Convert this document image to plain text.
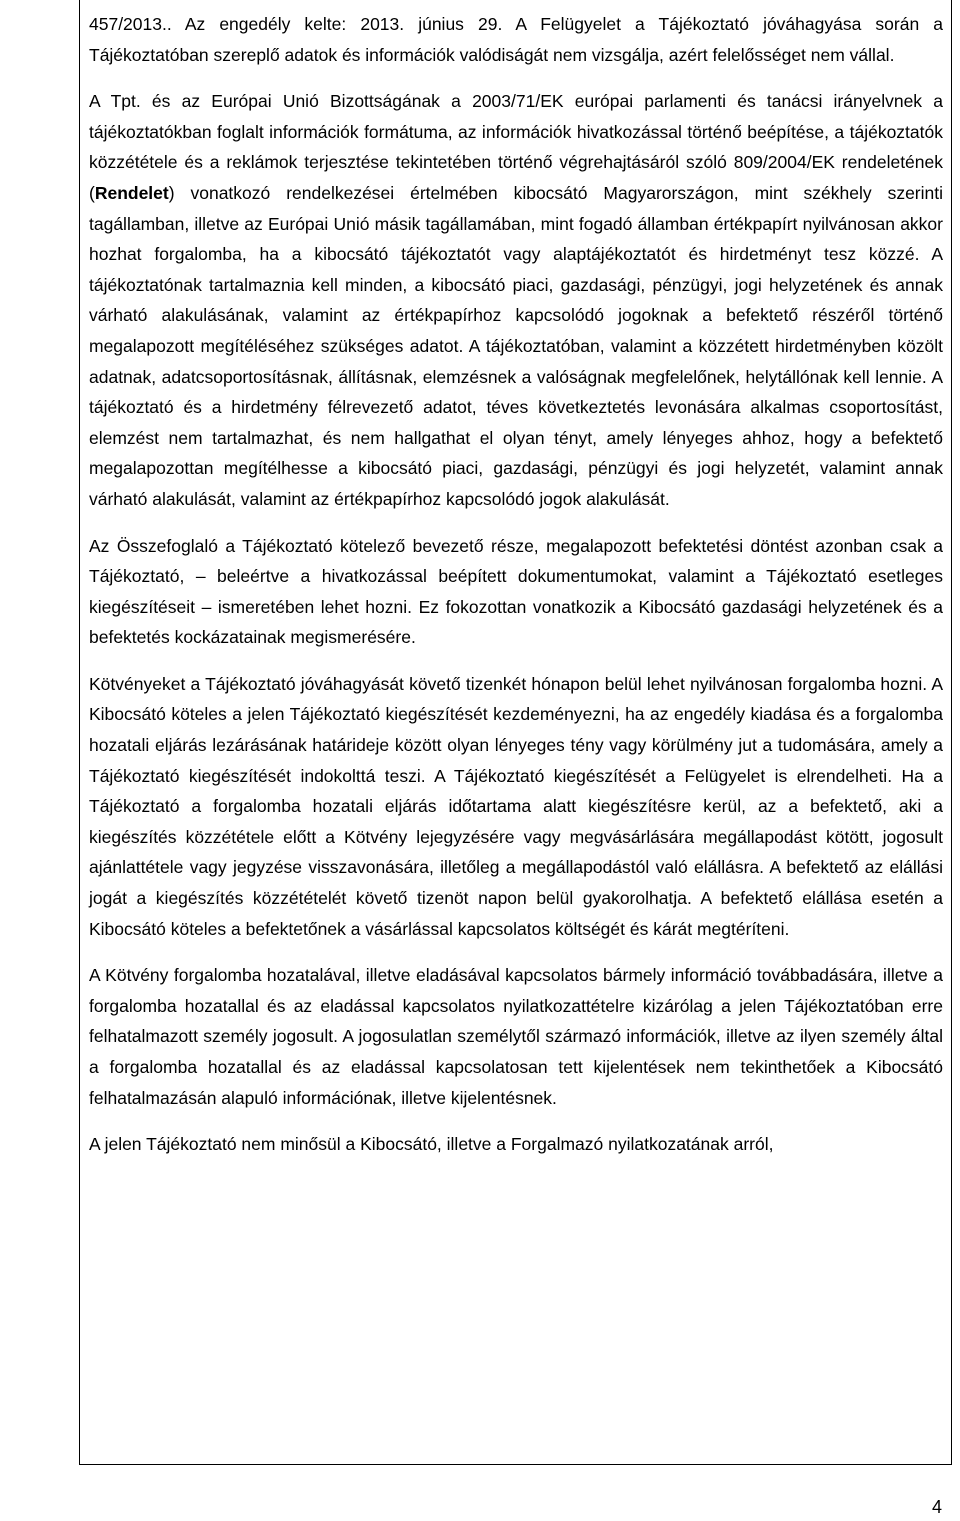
457/2013.. Az engedély kelte: 2013. június 29. A Felügyelet a Tájékoztató jóváhagyása során a Tájékoztatóban szereplő adatok és információk valódiságát nem vizsgálja, azért felelősséget nem vállal.

A Tpt. és az Európai Unió Bizottságának a 2003/71/EK európai parlamenti és tanácsi irányelvnek a tájékoztatókban foglalt információk formátuma, az információk hivatkozással történő beépítése, a tájékoztatók közzététele és a reklámok terjesztése tekintetében történő végrehajtásáról szóló 809/2004/EK rendeletének (Rendelet) vonatkozó rendelkezései értelmében kibocsátó Magyarországon, mint székhely szerinti tagállamban, illetve az Európai Unió másik tagállamában, mint fogadó államban értékpapírt nyilvánosan akkor hozhat forgalomba, ha a kibocsátó tájékoztatót vagy alaptájékoztatót és hirdetményt tesz közzé. A tájékoztatónak tartalmaznia kell minden, a kibocsátó piaci, gazdasági, pénzügyi, jogi helyzetének és annak várható alakulásának, valamint az értékpapírhoz kapcsolódó jogoknak a befektető részéről történő megalapozott megítéléséhez szükséges adatot. A tájékoztatóban, valamint a közzétett hirdetményben közölt adatnak, adatcsoportosításnak, állításnak, elemzésnek a valóságnak megfelelőnek, helytállónak kell lennie. A tájékoztató és a hirdetmény félrevezető adatot, téves következtetés levonására alkalmas csoportosítást, elemzést nem tartalmazhat, és nem hallgathat el olyan tényt, amely lényeges ahhoz, hogy a befektető megalapozottan megítélhesse a kibocsátó piaci, gazdasági, pénzügyi és jogi helyzetét, valamint annak várható alakulását, valamint az értékpapírhoz kapcsolódó jogok alakulását.

Az Összefoglaló a Tájékoztató kötelező bevezető része, megalapozott befektetési döntést azonban csak a Tájékoztató, – beleértve a hivatkozással beépített dokumentumokat, valamint a Tájékoztató esetleges kiegészítéseit – ismeretében lehet hozni. Ez fokozottan vonatkozik a Kibocsátó gazdasági helyzetének és a befektetés kockázatainak megismerésére.

Kötvényeket a Tájékoztató jóváhagyását követő tizenkét hónapon belül lehet nyilvánosan forgalomba hozni. A Kibocsátó köteles a jelen Tájékoztató kiegészítését kezdeményezni, ha az engedély kiadása és a forgalomba hozatali eljárás lezárásának határideje között olyan lényeges tény vagy körülmény jut a tudomására, amely a Tájékoztató kiegészítését indokolttá teszi. A Tájékoztató kiegészítését a Felügyelet is elrendelheti. Ha a Tájékoztató a forgalomba hozatali eljárás időtartama alatt kiegészítésre kerül, az a befektető, aki a kiegészítés közzététele előtt a Kötvény lejegyzésére vagy megvásárlására megállapodást kötött, jogosult ajánlattétele vagy jegyzése visszavonására, illetőleg a megállapodástól való elállásra. A befektető az elállási jogát a kiegészítés közzétételét követő tizenöt napon belül gyakorolhatja. A befektető elállása esetén a Kibocsátó köteles a befektetőnek a vásárlással kapcsolatos költségét és kárát megtéríteni.

A Kötvény forgalomba hozatalával, illetve eladásával kapcsolatos bármely információ továbbadására, illetve a forgalomba hozatallal és az eladással kapcsolatos nyilatkozattételre kizárólag a jelen Tájékoztatóban erre felhatalmazott személy jogosult. A jogosulatlan személytől származó információk, illetve az ilyen személy által a forgalomba hozatallal és az eladással kapcsolatosan tett kijelentések nem tekinthetőek a Kibocsátó felhatalmazásán alapuló információnak, illetve kijelentésnek.

A jelen Tájékoztató nem minősül a Kibocsátó, illetve a Forgalmazó nyilatkozatának arról,

4
